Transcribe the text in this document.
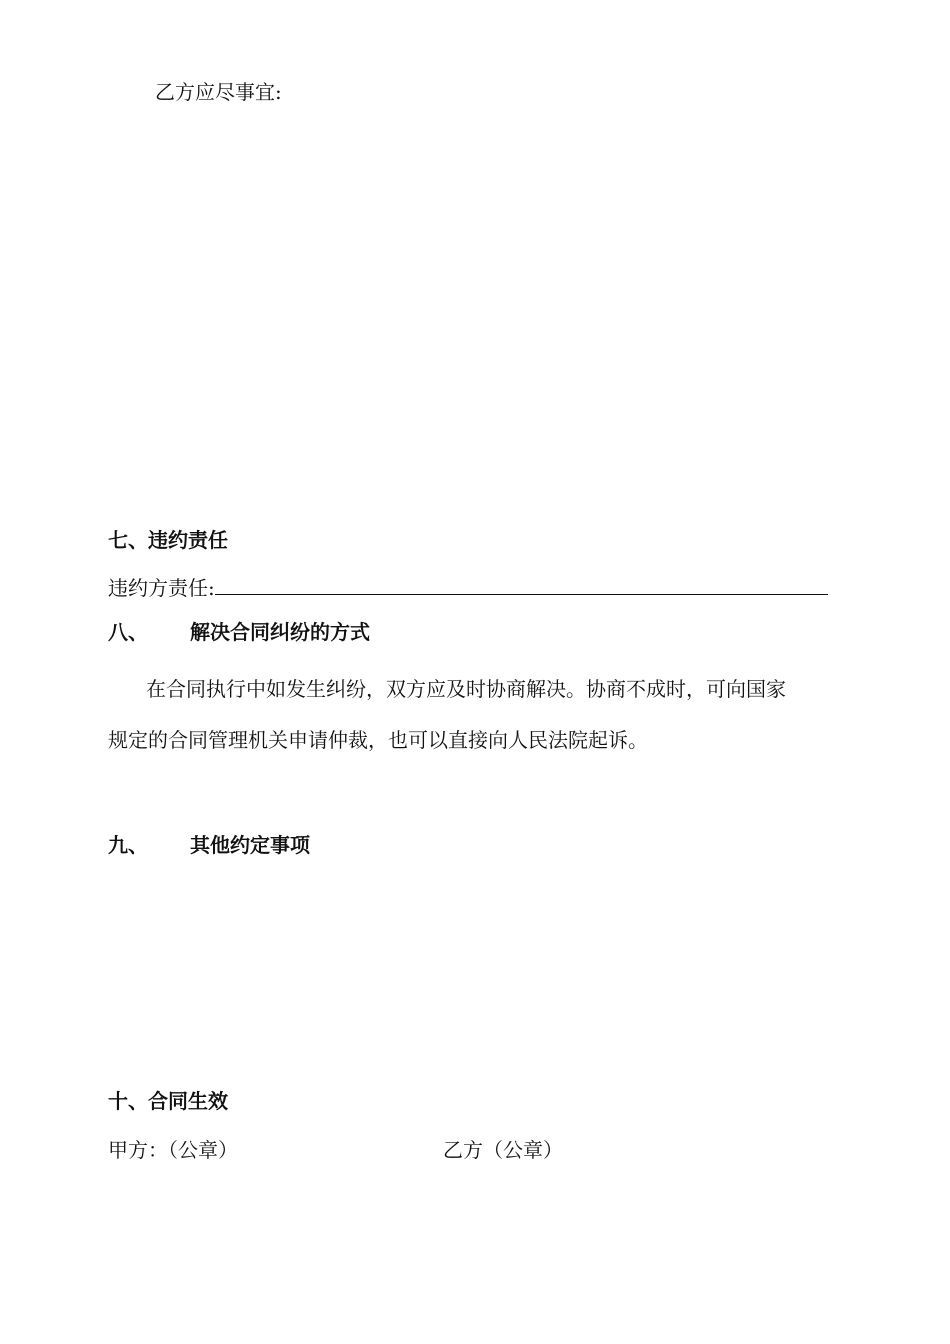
乙方应尽事宜:
七、违约责任
违约方责任:
八、 解决合同纠纷的方式
在合同执行中如发生纠纷，双方应及时协商解决。协商不成时，可向国家
规定的合同管理机关申请仲裁，也可以直接向人民法院起诉。
九、 其他约定事项
十、合同生效
甲方：（公章）	乙方（公章）
